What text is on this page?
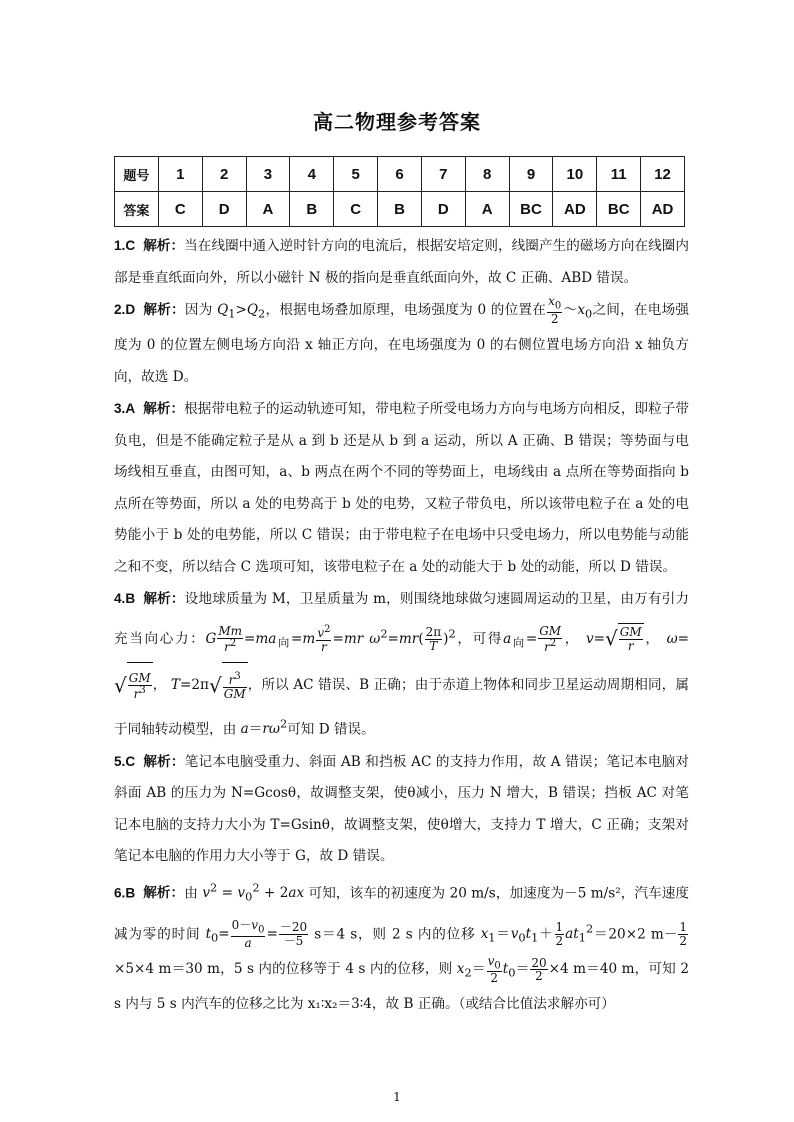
高二物理参考答案
题号	1	2	3	4	5	6	7	8	9	10	11	12
答案	C	D	A	B	C	B	D	A	BC	AD	BC	AD

1.C 解析：当在线圈中通入逆时针方向的电流后，根据安培定则，线圈产生的磁场方向在线圈内部是垂直纸面向外，所以小磁针 N 极的指向是垂直纸面向外，故 C 正确、ABD 错误。

2.D 解析：因为 $Q_1>Q_2$，根据电场叠加原理，电场强度为 0 的位置在 $\frac{x_0}{2}$ $\sim x_0$之间，在电场强度为 0 的位置左侧电场方向沿 x 轴正方向，在电场强度为 0 的右侧位置电场方向沿 x 轴负方向，故选 D。

3.A 解析：根据带电粒子的运动轨迹可知，带电粒子所受电场力方向与电场方向相反，即粒子带负电，但是不能确定粒子是从 a 到 b 还是从 b 到 a 运动，所以 A 正确、B 错误；等势面与电场线相互垂直，由图可知，a、b 两点在两个不同的等势面上，电场线由 a 点所在等势面指向 b 点所在等势面，所以 a 处的电势高于 b 处的电势，又粒子带负电，所以该带电粒子在 a 处的电势能小于 b 处的电势能，所以 C 错误；由于带电粒子在电场中只受电场力，所以电势能与动能之和不变，所以结合 C 选项可知，该带电粒子在 a 处的动能大于 b 处的动能，所以 D 错误。

4.B 解析：设地球质量为 M，卫星质量为 m，则围绕地球做匀速圆周运动的卫星，由万有引力充当向心力：G $\frac{Mm}{r^2} =ma_向=m \frac{v^2}{r} =mr$ $\omega^2=mr( \frac{2\pi}{T} )^2$，可得$a_向= \frac{GM}{r^2}$ ， $v=√ \frac{GM}{r}$ ， $\omega=√ \frac{GM}{r^3}$ ， $T=2\pi√ \frac{r^3}{GM}$ ，所以 AC 错误、B 正确；由于赤道上物体和同步卫星运动周期相同，属于同轴转动模型，由 $a=r\omega^2$可知 D 错误。

5.C 解析：笔记本电脑受重力、斜面 AB 和挡板 AC 的支持力作用，故 A 错误；笔记本电脑对斜面 AB 的压力为 N=Gcosθ，故调整支架，使θ减小，压力 N 增大，B 错误；挡板 AC 对笔记本电脑的支持力大小为 T=Gsinθ，故调整支架，使θ增大，支持力 T 增大，C 正确；支架对笔记本电脑的作用力大小等于 G，故 D 错误。

6.B 解析：由 $v^2 = v_0^2 + 2ax$ 可知，该车的初速度为 20 m/s，加速度为－5 m/s²，汽车速度减为零的时间 $t_0= \frac{0-v_0}{a} = \frac{-20}{-5} s=4$ s，则 2 s 内的位移 $x_1=v_0t_1+ \frac{1}{2} at_1^2=20\times 2$ $m- \frac{1}{2}$
×5×4 m＝30 m，5 s 内的位移等于 4 s 内的位移，则 $x_2= \frac{v_0}{2} t_0= \frac{20}{2} \times 4$ m＝40 m，可知 2 s 内与 5 s 内汽车的位移之比为 x₁∶x₂＝3∶4，故 B 正确。（或结合比值法求解亦可）

1
